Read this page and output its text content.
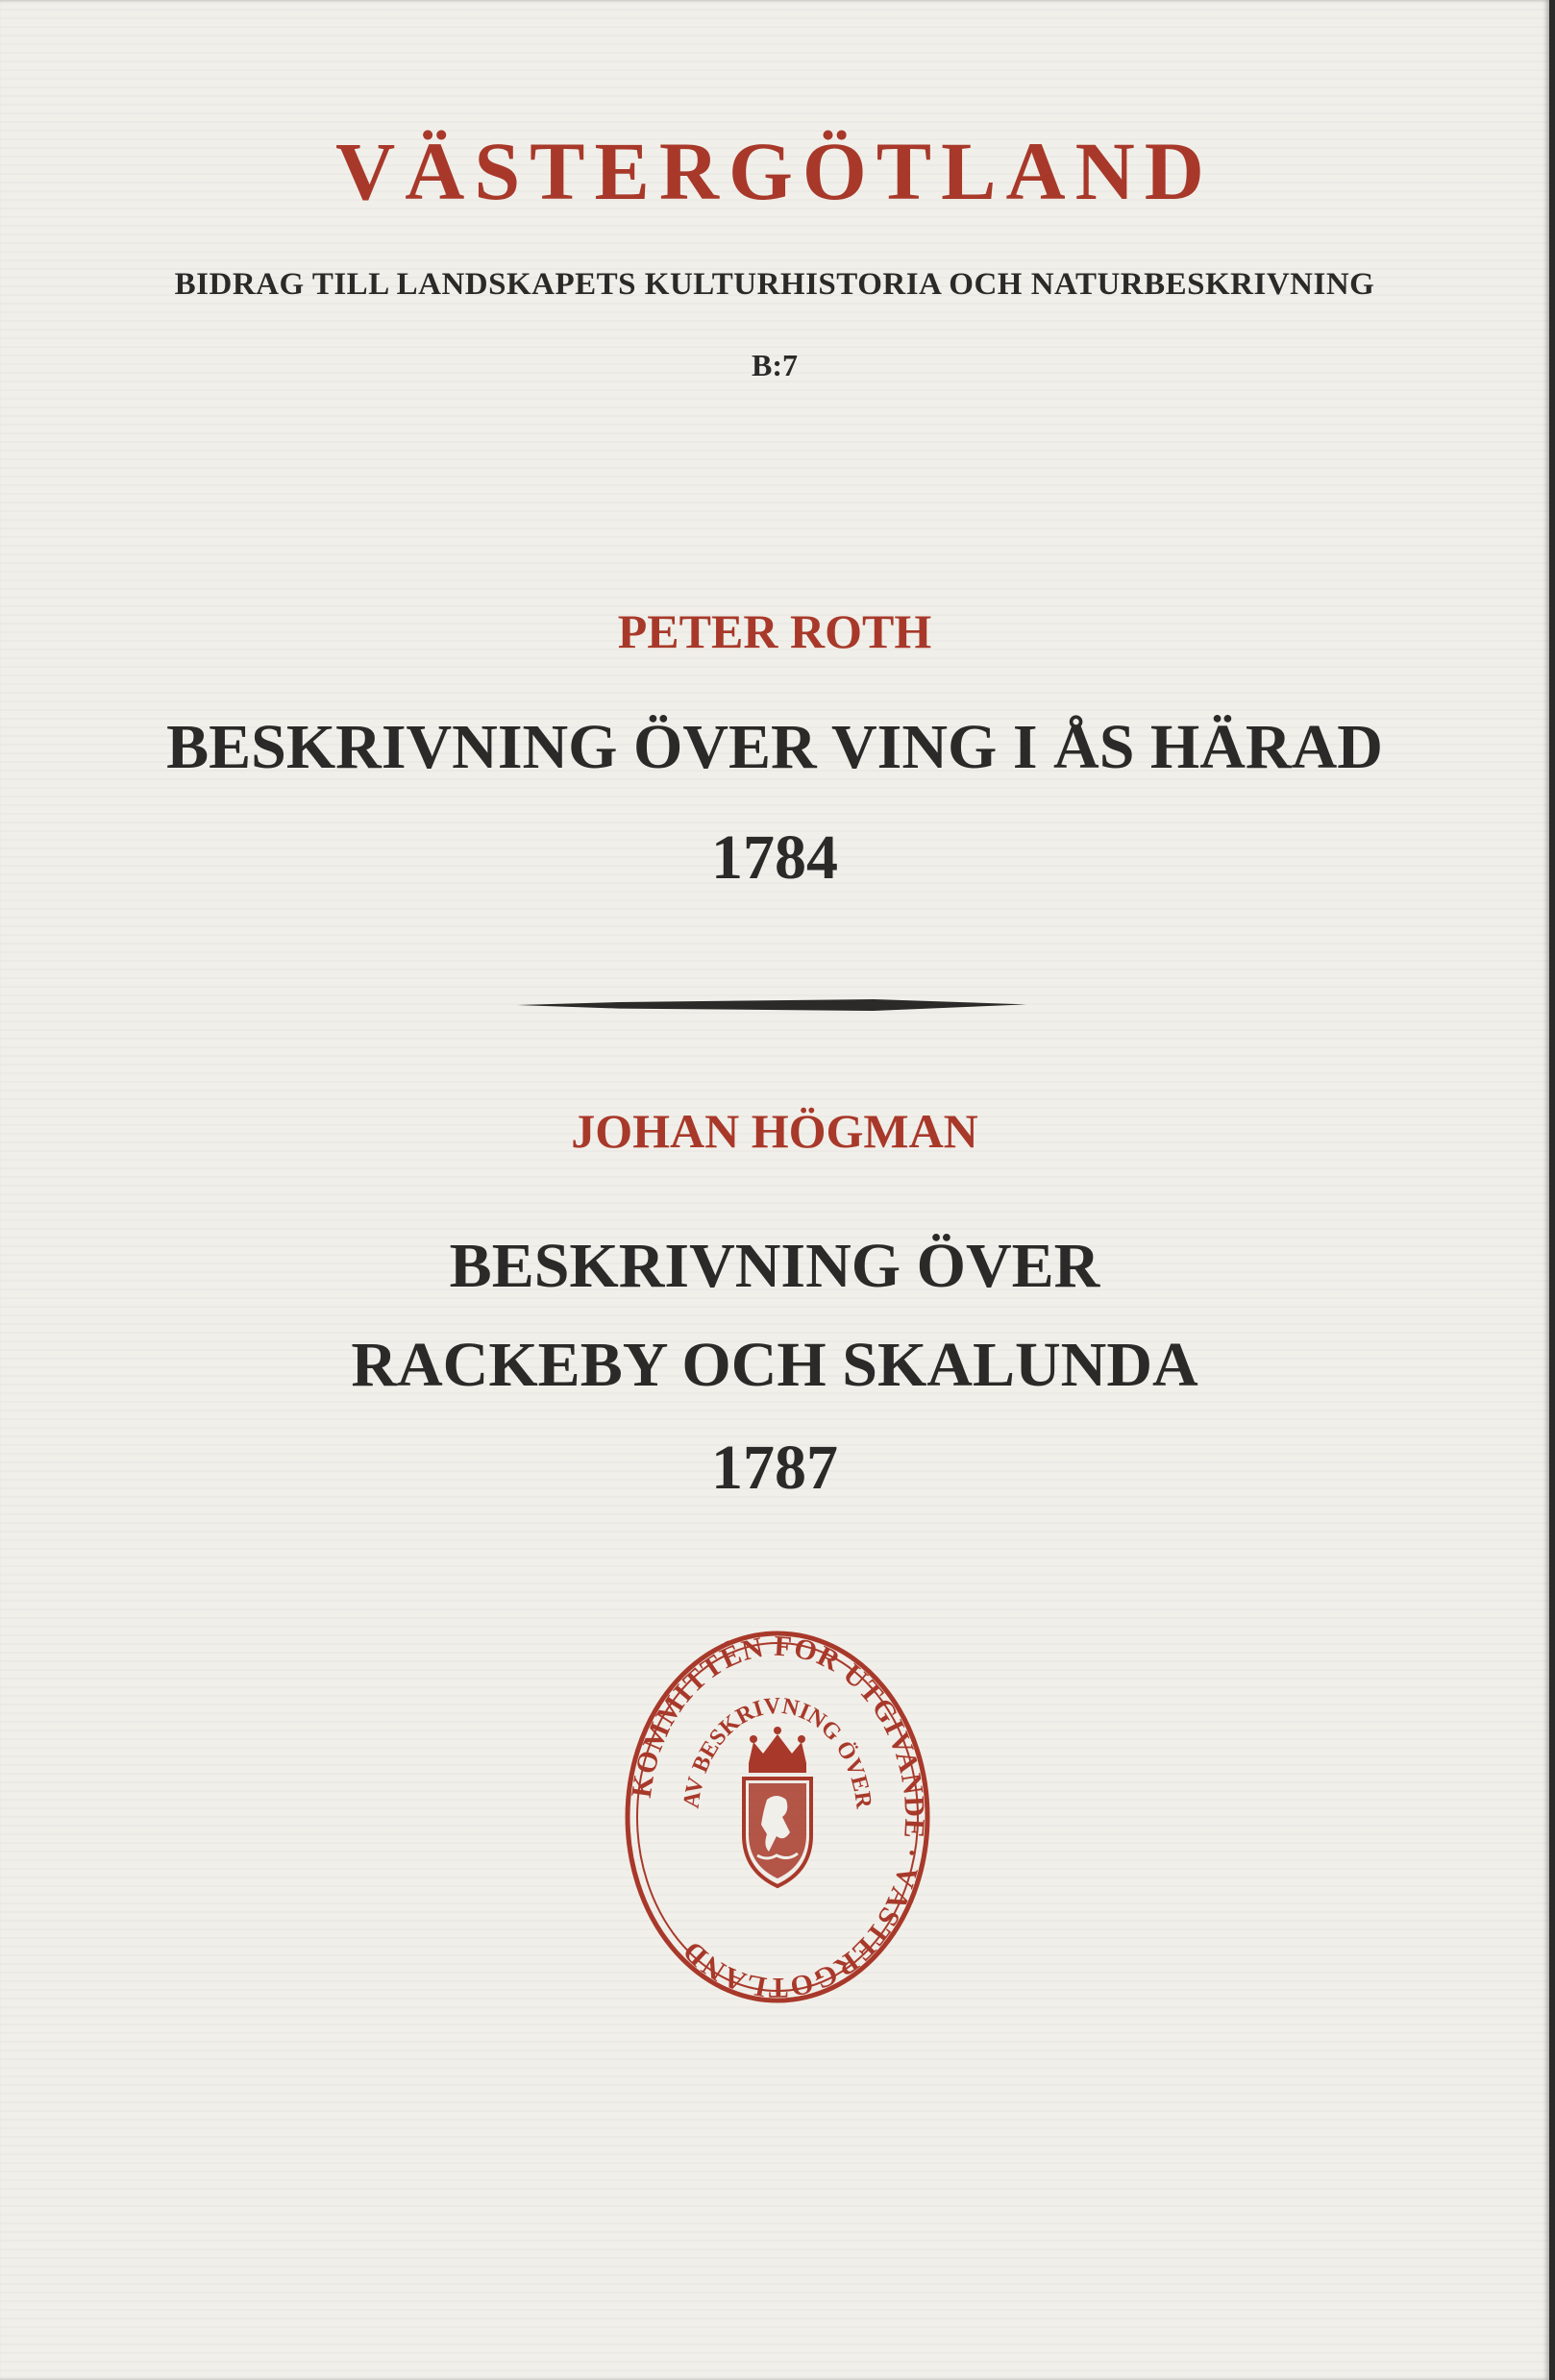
VÄSTERGÖTLAND

BIDRAG TILL LANDSKAPETS KULTURHISTORIA OCH NATURBESKRIVNING

B:7

PETER ROTH

BESKRIVNING ÖVER VING I ÅS HÄRAD

1784

JOHAN HÖGMAN

BESKRIVNING ÖVER

RACKEBY OCH SKALUNDA

1787

KOMMITTÉN FÖR UTGIVANDE · VÄSTERGÖTLAND
AV BESKRIVNING ÖVER
